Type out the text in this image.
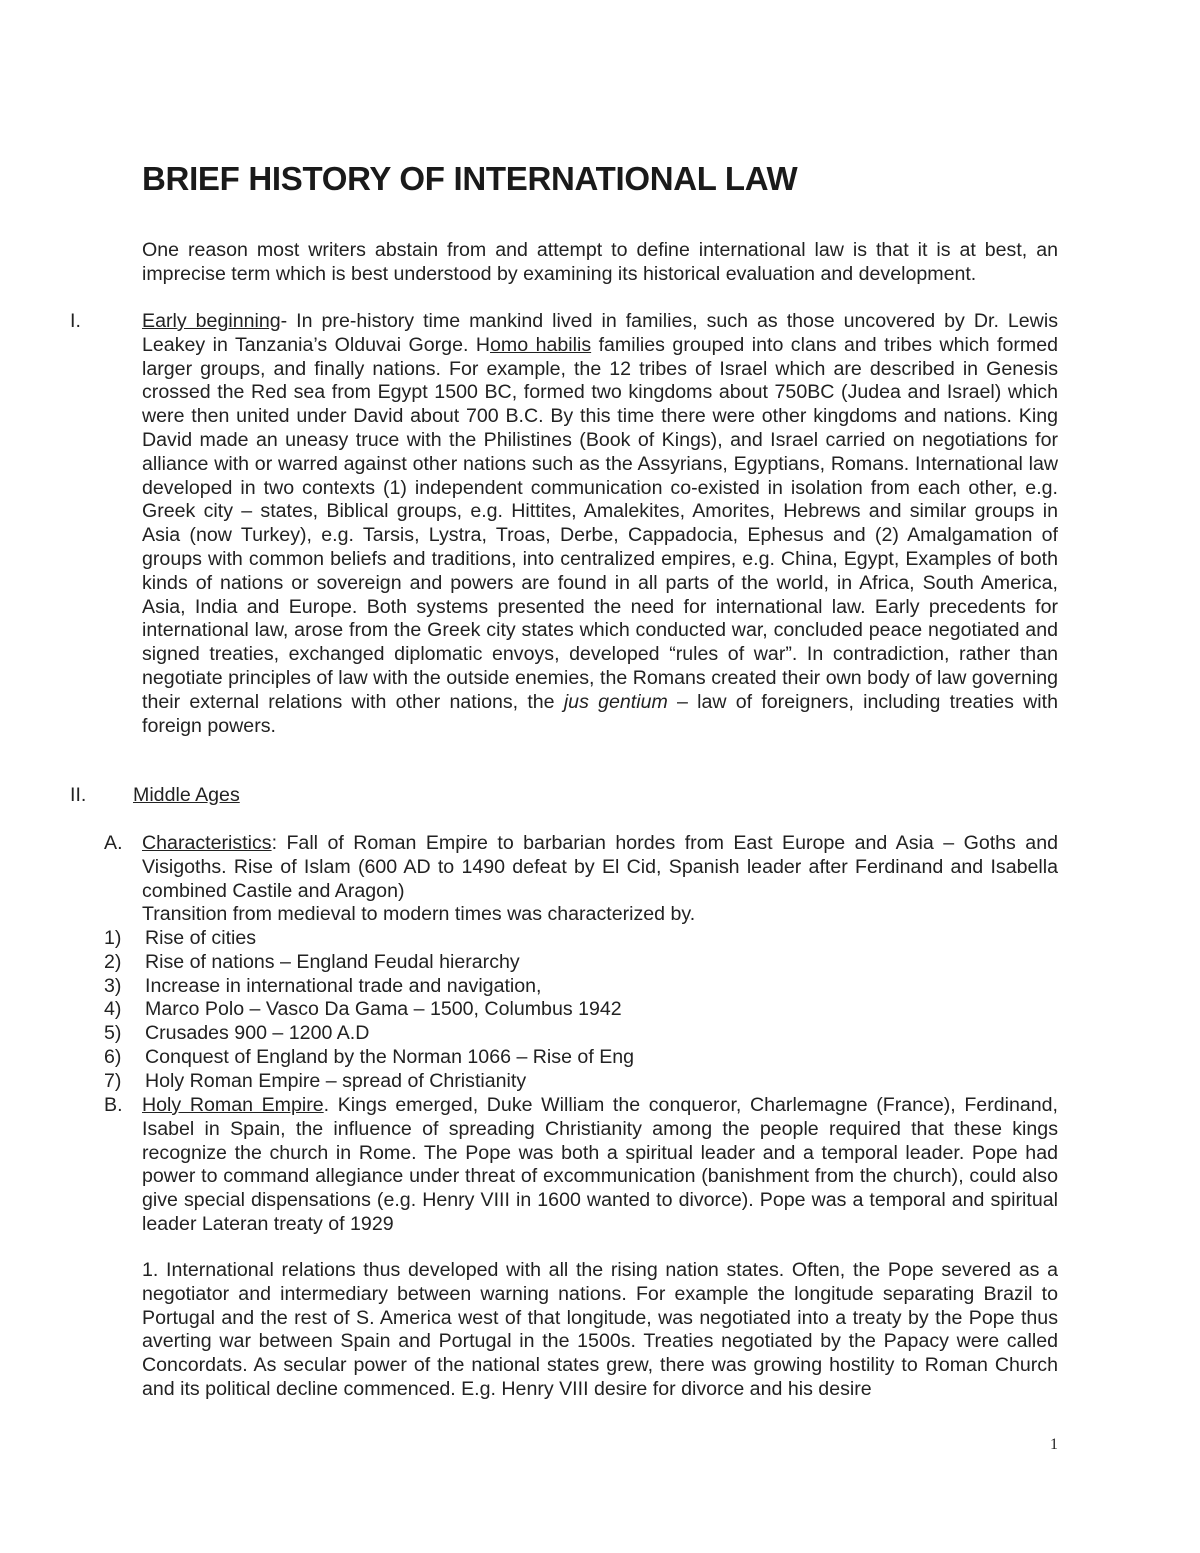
BRIEF HISTORY OF INTERNATIONAL LAW
One reason most writers abstain from and attempt to define international law is that it is at best, an imprecise term which is best understood by examining its historical evaluation and development.
I.	Early beginning- In pre-history time mankind lived in families, such as those uncovered by Dr. Lewis Leakey in Tanzania’s Olduvai Gorge. Homo habilis families grouped into clans and tribes which formed larger groups, and finally nations. For example, the 12 tribes of Israel which are described in Genesis crossed the Red sea from Egypt 1500 BC, formed two kingdoms about 750BC (Judea and Israel) which were then united under David about 700 B.C. By this time there were other kingdoms and nations. King David made an uneasy truce with the Philistines (Book of Kings), and Israel carried on negotiations for alliance with or warred against other nations such as the Assyrians, Egyptians, Romans. International law developed in two contexts (1) independent communication co-existed in isolation from each other, e.g. Greek city – states, Biblical groups, e.g. Hittites, Amalekites, Amorites, Hebrews and similar groups in Asia (now Turkey), e.g. Tarsis, Lystra, Troas, Derbe, Cappadocia, Ephesus and (2) Amalgamation of groups with common beliefs and traditions, into centralized empires, e.g. China, Egypt, Examples of both kinds of nations or sovereign and powers are found in all parts of the world, in Africa, South America, Asia, India and Europe. Both systems presented the need for international law. Early precedents for international law, arose from the Greek city states which conducted war, concluded peace negotiated and signed treaties, exchanged diplomatic envoys, developed “rules of war”. In contradiction, rather than negotiate principles of law with the outside enemies, the Romans created their own body of law governing their external relations with other nations, the jus gentium – law of foreigners, including treaties with foreign powers.
II. Middle Ages
A. Characteristics: Fall of Roman Empire to barbarian hordes from East Europe and Asia – Goths and Visigoths. Rise of Islam (600 AD to 1490 defeat by El Cid, Spanish leader after Ferdinand and Isabella combined Castile and Aragon)
Transition from medieval to modern times was characterized by.
1) Rise of cities
2) Rise of nations – England Feudal hierarchy
3) Increase in international trade and navigation,
4) Marco Polo – Vasco Da Gama – 1500, Columbus 1942
5) Crusades 900 – 1200 A.D
6) Conquest of England by the Norman 1066 – Rise of Eng
7) Holy Roman Empire – spread of Christianity
B. Holy Roman Empire. Kings emerged, Duke William the conqueror, Charlemagne (France), Ferdinand, Isabel in Spain, the influence of spreading Christianity among the people required that these kings recognize the church in Rome. The Pope was both a spiritual leader and a temporal leader. Pope had power to command allegiance under threat of excommunication (banishment from the church), could also give special dispensations (e.g. Henry VIII in 1600 wanted to divorce). Pope was a temporal and spiritual leader Lateran treaty of 1929
1. International relations thus developed with all the rising nation states. Often, the Pope severed as a negotiator and intermediary between warning nations. For example the longitude separating Brazil to Portugal and the rest of S. America west of that longitude, was negotiated into a treaty by the Pope thus averting war between Spain and Portugal in the 1500s. Treaties negotiated by the Papacy were called Concordats. As secular power of the national states grew, there was growing hostility to Roman Church and its political decline commenced. E.g. Henry VIII desire for divorce and his desire
1
